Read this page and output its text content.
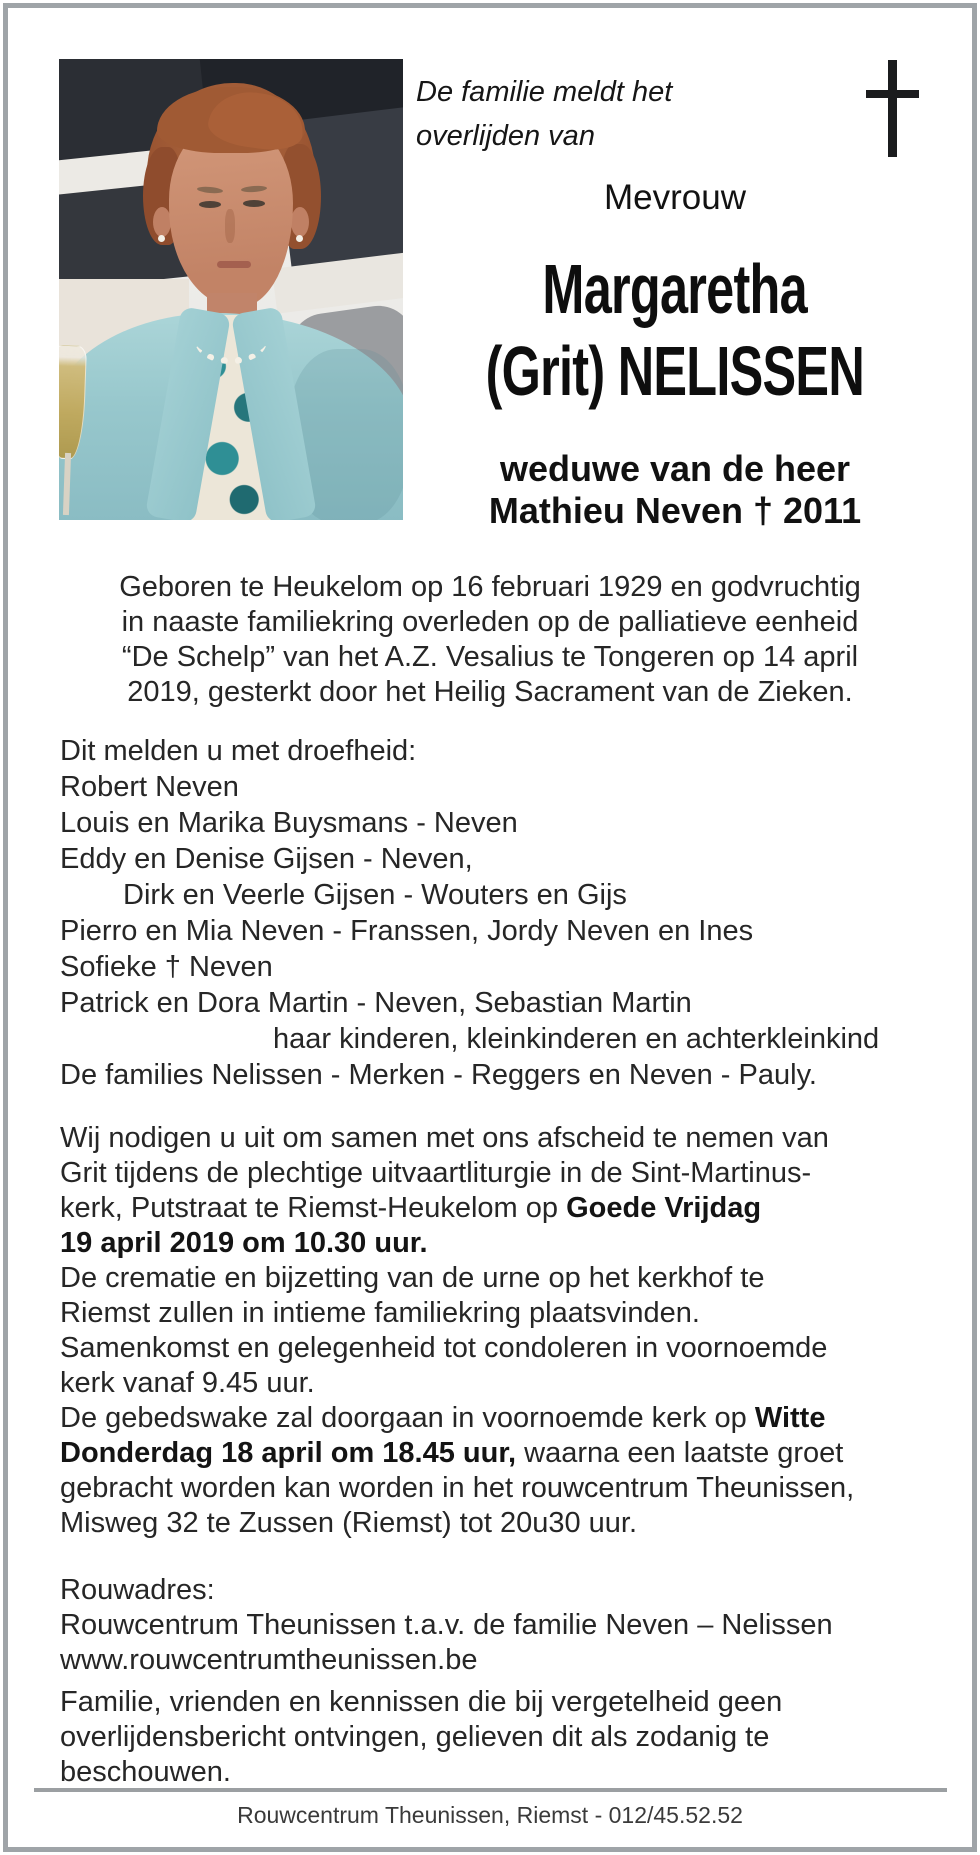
De familie meldt het
overlijden van
Mevrouw
Margaretha
(Grit) NELISSEN
weduwe van de heer
Mathieu Neven † 2011
Geboren te Heukelom op 16 februari 1929 en godvruchtig
in naaste familiekring overleden op de palliatieve eenheid
“De Schelp” van het A.Z. Vesalius te Tongeren op 14 april
2019, gesterkt door het Heilig Sacrament van de Zieken.
Dit melden u met droefheid:
Robert Neven
Louis en Marika Buysmans - Neven
Eddy en Denise Gijsen - Neven,
Dirk en Veerle Gijsen - Wouters en Gijs
Pierro en Mia Neven - Franssen, Jordy Neven en Ines
Sofieke † Neven
Patrick en Dora Martin - Neven, Sebastian Martin
haar kinderen, kleinkinderen en achterkleinkind
De families Nelissen - Merken - Reggers en Neven - Pauly.
Wij nodigen u uit om samen met ons afscheid te nemen van
Grit tijdens de plechtige uitvaartliturgie in de Sint-Martinus-
kerk, Putstraat te Riemst-Heukelom op Goede Vrijdag
19 april 2019 om 10.30 uur.
De crematie en bijzetting van de urne op het kerkhof te
Riemst zullen in intieme familiekring plaatsvinden.
Samenkomst en gelegenheid tot condoleren in voornoemde
kerk vanaf 9.45 uur.
De gebedswake zal doorgaan in voornoemde kerk op Witte
Donderdag 18 april om 18.45 uur, waarna een laatste groet
gebracht worden kan worden in het rouwcentrum Theunissen,
Misweg 32 te Zussen (Riemst) tot 20u30 uur.
Rouwadres:
Rouwcentrum Theunissen t.a.v. de familie Neven – Nelissen
www.rouwcentrumtheunissen.be
Familie, vrienden en kennissen die bij vergetelheid geen
overlijdensbericht ontvingen, gelieven dit als zodanig te
beschouwen.
Rouwcentrum Theunissen, Riemst - 012/45.52.52
